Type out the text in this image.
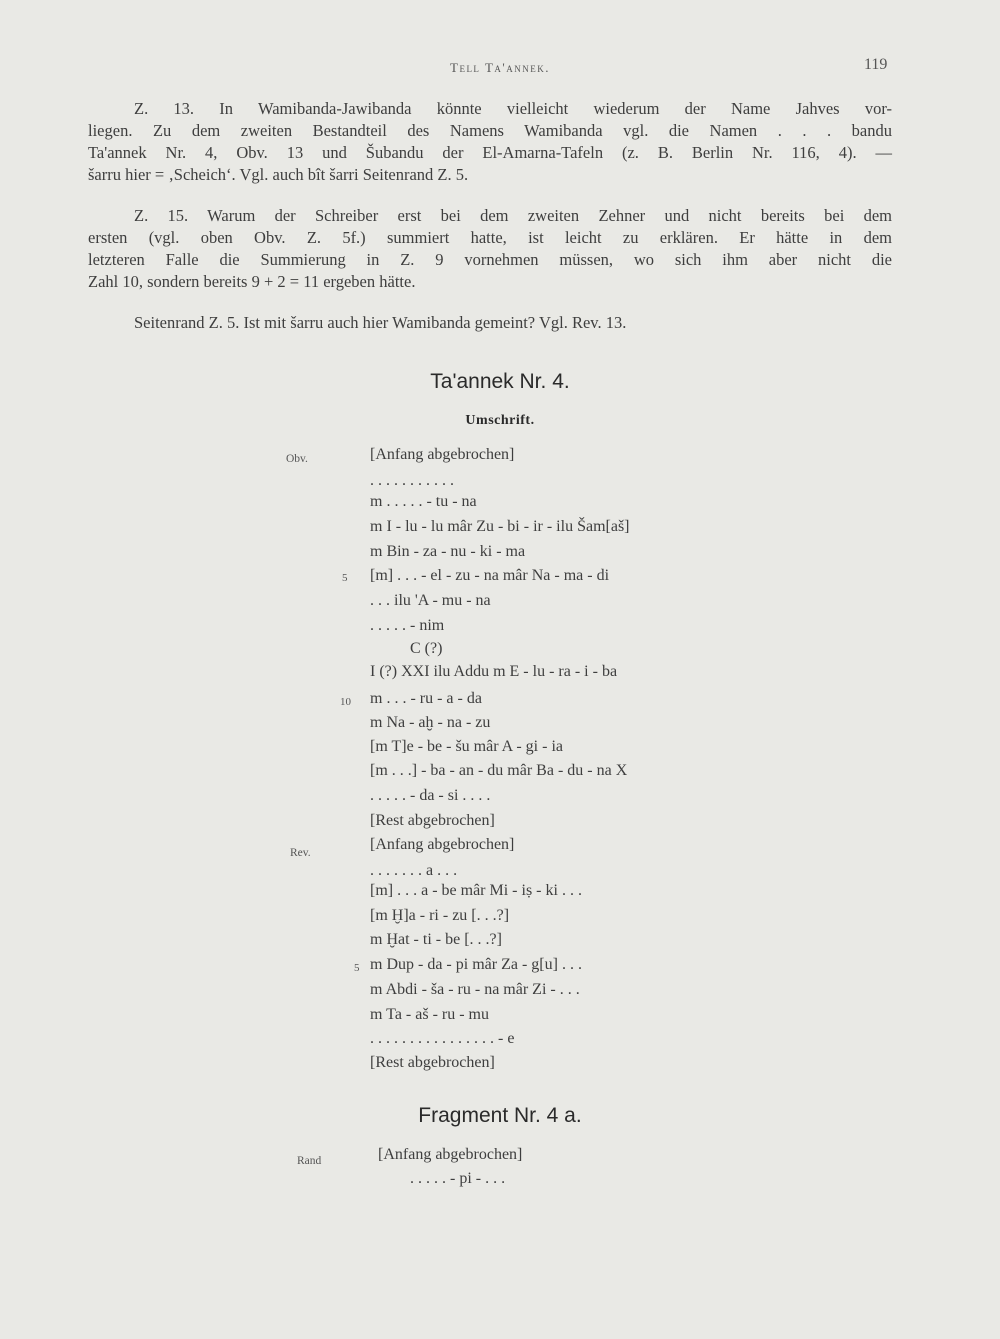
Tell Ta'annek.	119
Z. 13. In Wamibanda-Jawibanda könnte vielleicht wiederum der Name Jahves vor-
liegen. Zu dem zweiten Bestandteil des Namens Wamibanda vgl. die Namen . . . bandu
Ta'annek Nr. 4, Obv. 13 und Šubandu der El-Amarna-Tafeln (z. B. Berlin Nr. 116, 4). —
šarru hier = ‚Scheich‘. Vgl. auch bît šarri Seitenrand Z. 5.
Z. 15. Warum der Schreiber erst bei dem zweiten Zehner und nicht bereits bei dem
ersten (vgl. oben Obv. Z. 5f.) summiert hatte, ist leicht zu erklären. Er hätte in dem
letzteren Falle die Summierung in Z. 9 vornehmen müssen, wo sich ihm aber nicht die
Zahl 10, sondern bereits 9 + 2 = 11 ergeben hätte.
Seitenrand Z. 5. Ist mit šarru auch hier Wamibanda gemeint? Vgl. Rev. 13.
Ta'annek Nr. 4.
Umschrift.
Obv.	[Anfang abgebrochen]
. . . . . . . . . . .
m . . . . . - tu - na
m I - lu - lu mâr Zu - bi - ir - ilu Šam[aš]
m Bin - za - nu - ki - ma
5 [m] . . . - el - zu - na mâr Na - ma - di
. . . ilu 'A - mu - na
. . . . . - nim
C (?)
I (?) XXI ilu Addu m E - lu - ra - i - ba
10 m . . . - ru - a - da
m Na - aḫ - na - zu
[m T]e - be - šu mâr A - gi - ia
[m . . .] - ba - an - du mâr Ba - du - na X
. . . . . - da - si . . . .
[Rest abgebrochen]
Rev.	[Anfang abgebrochen]
. . . . . . . a . . .
[m] . . . a - be mâr Mi - iṣ - ki . . .
[m Ḫ]a - ri - zu [. . .?]
m Ḫat - ti - be [. . .?]
5 m Dup - da - pi mâr Za - g[u] . . .
m Abdi - ša - ru - na mâr Zi - . . .
m Ta - aš - ru - mu
. . . . . . . . . . . . . . . . - e
[Rest abgebrochen]
Fragment Nr. 4 a.
Rand	[Anfang abgebrochen]
. . . . . - pi - . . .
